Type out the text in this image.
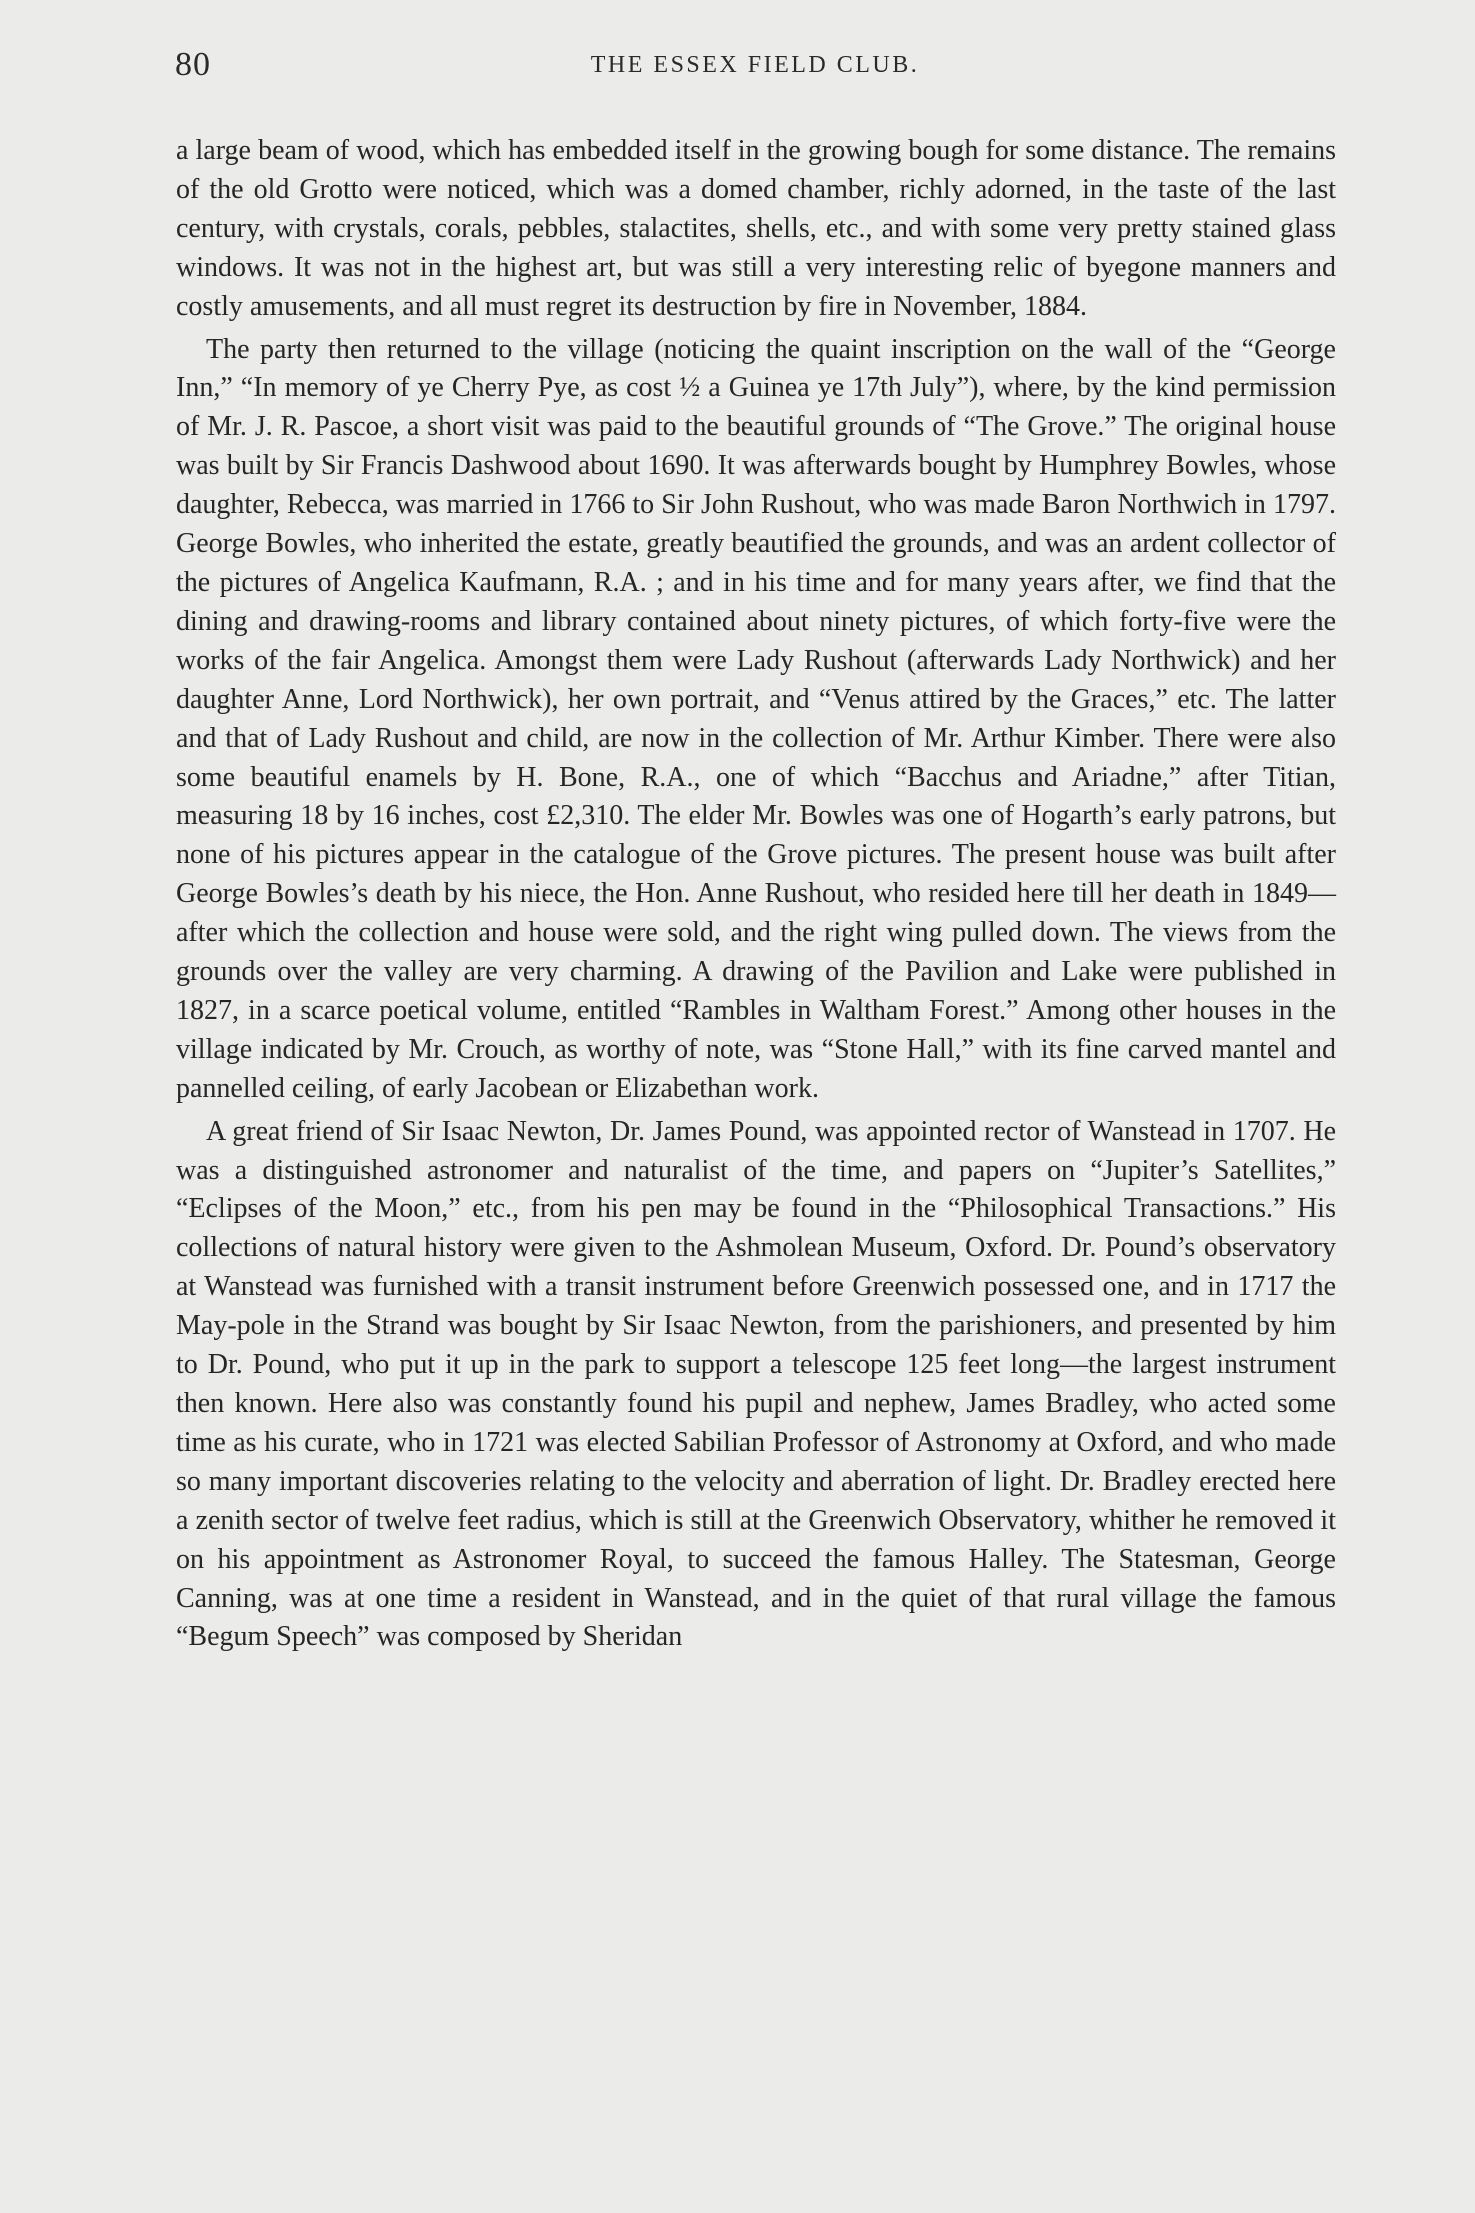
80	THE ESSEX FIELD CLUB.

a large beam of wood, which has embedded itself in the growing bough for some distance. The remains of the old Grotto were noticed, which was a domed chamber, richly adorned, in the taste of the last century, with crystals, corals, pebbles, stalactites, shells, etc., and with some very pretty stained glass windows. It was not in the highest art, but was still a very interesting relic of byegone manners and costly amusements, and all must regret its destruction by fire in November, 1884.

The party then returned to the village (noticing the quaint inscription on the wall of the “George Inn,” “In memory of ye Cherry Pye, as cost ½ a Guinea ye 17th July”), where, by the kind permission of Mr. J. R. Pascoe, a short visit was paid to the beautiful grounds of “The Grove.” The original house was built by Sir Francis Dashwood about 1690. It was afterwards bought by Humphrey Bowles, whose daughter, Rebecca, was married in 1766 to Sir John Rushout, who was made Baron Northwich in 1797. George Bowles, who inherited the estate, greatly beautified the grounds, and was an ardent collector of the pictures of Angelica Kaufmann, R.A. ; and in his time and for many years after, we find that the dining and drawing-rooms and library contained about ninety pictures, of which forty-five were the works of the fair Angelica. Amongst them were Lady Rushout (afterwards Lady Northwick) and her daughter Anne, Lord Northwick), her own portrait, and “Venus attired by the Graces,” etc. The latter and that of Lady Rushout and child, are now in the collection of Mr. Arthur Kimber. There were also some beautiful enamels by H. Bone, R.A., one of which “Bacchus and Ariadne,” after Titian, measuring 18 by 16 inches, cost £2,310. The elder Mr. Bowles was one of Hogarth’s early patrons, but none of his pictures appear in the catalogue of the Grove pictures. The present house was built after George Bowles’s death by his niece, the Hon. Anne Rushout, who resided here till her death in 1849—after which the collection and house were sold, and the right wing pulled down. The views from the grounds over the valley are very charming. A drawing of the Pavilion and Lake were published in 1827, in a scarce poetical volume, entitled “Rambles in Waltham Forest.” Among other houses in the village indicated by Mr. Crouch, as worthy of note, was “Stone Hall,” with its fine carved mantel and pannelled ceiling, of early Jacobean or Elizabethan work.

A great friend of Sir Isaac Newton, Dr. James Pound, was appointed rector of Wanstead in 1707. He was a distinguished astronomer and naturalist of the time, and papers on “Jupiter’s Satellites,” “Eclipses of the Moon,” etc., from his pen may be found in the “Philosophical Transactions.” His collections of natural history were given to the Ashmolean Museum, Oxford. Dr. Pound’s observatory at Wanstead was furnished with a transit instrument before Greenwich possessed one, and in 1717 the May-pole in the Strand was bought by Sir Isaac Newton, from the parishioners, and presented by him to Dr. Pound, who put it up in the park to support a telescope 125 feet long—the largest instrument then known. Here also was constantly found his pupil and nephew, James Bradley, who acted some time as his curate, who in 1721 was elected Sabilian Professor of Astronomy at Oxford, and who made so many important discoveries relating to the velocity and aberration of light. Dr. Bradley erected here a zenith sector of twelve feet radius, which is still at the Greenwich Observatory, whither he removed it on his appointment as Astronomer Royal, to succeed the famous Halley. The Statesman, George Canning, was at one time a resident in Wanstead, and in the quiet of that rural village the famous “Begum Speech” was composed by Sheridan
